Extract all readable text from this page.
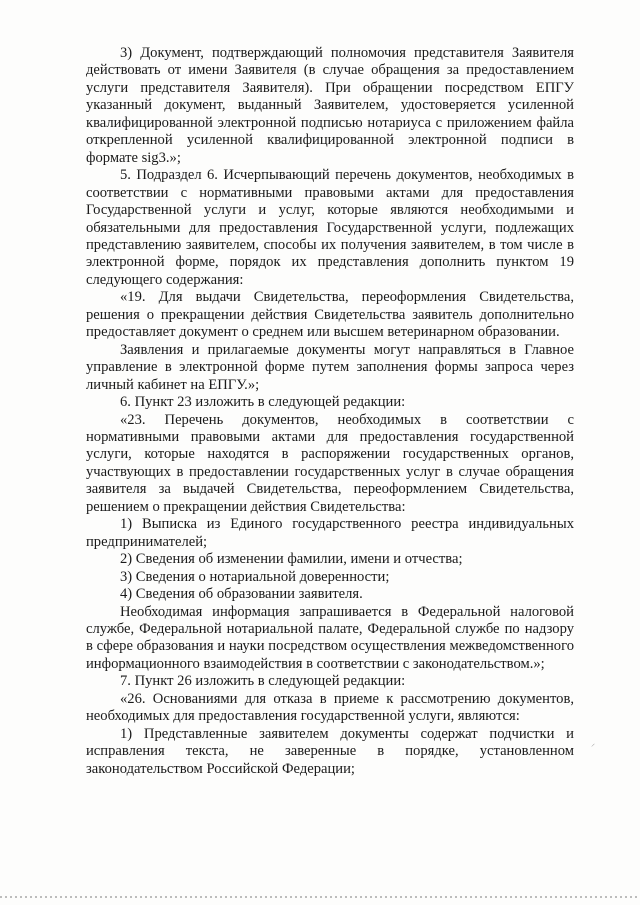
3) Документ, подтверждающий полномочия представителя Заявителя действовать от имени Заявителя (в случае обращения за предоставлением услуги представителя Заявителя). При обращении посредством ЕПГУ указанный документ, выданный Заявителем, удостоверяется усиленной квалифицированной электронной подписью нотариуса с приложением файла открепленной усиленной квалифицированной электронной подписи в формате sig3.»;

5. Подраздел 6. Исчерпывающий перечень документов, необходимых в соответствии с нормативными правовыми актами для предоставления Государственной услуги и услуг, которые являются необходимыми и обязательными для предоставления Государственной услуги, подлежащих представлению заявителем, способы их получения заявителем, в том числе в электронной форме, порядок их представления дополнить пунктом 19 следующего содержания:

«19. Для выдачи Свидетельства, переоформления Свидетельства, решения о прекращении действия Свидетельства заявитель дополнительно предоставляет документ о среднем или высшем ветеринарном образовании.

Заявления и прилагаемые документы могут направляться в Главное управление в электронной форме путем заполнения формы запроса через личный кабинет на ЕПГУ.»;

6. Пункт 23 изложить в следующей редакции:

«23. Перечень документов, необходимых в соответствии с нормативными правовыми актами для предоставления государственной услуги, которые находятся в распоряжении государственных органов, участвующих в предоставлении государственных услуг в случае обращения заявителя за выдачей Свидетельства, переоформлением Свидетельства, решением о прекращении действия Свидетельства:

1) Выписка из Единого государственного реестра индивидуальных предпринимателей;

2) Сведения об изменении фамилии, имени и отчества;

3) Сведения о нотариальной доверенности;

4) Сведения об образовании заявителя.

Необходимая информация запрашивается в Федеральной налоговой службе, Федеральной нотариальной палате, Федеральной службе по надзору в сфере образования и науки посредством осуществления межведомственного информационного взаимодействия в соответствии с законодательством.»;

7. Пункт 26 изложить в следующей редакции:

«26. Основаниями для отказа в приеме к рассмотрению документов, необходимых для предоставления государственной услуги, являются:

1) Представленные заявителем документы содержат подчистки и исправления текста, не заверенные в порядке, установленном законодательством Российской Федерации;

⸝
